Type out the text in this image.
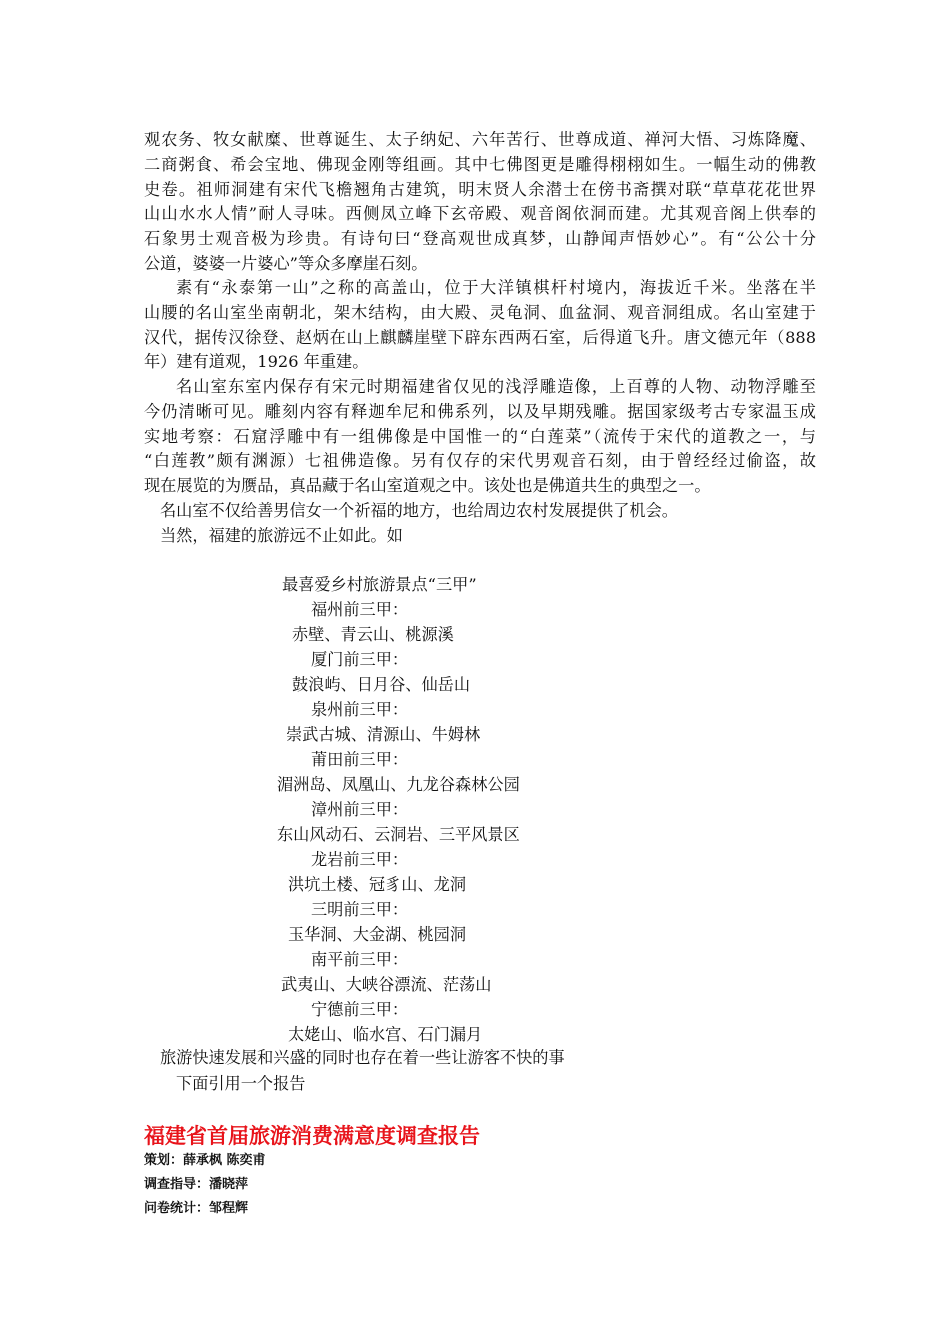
观农务、牧女献糜、世尊诞生、太子纳妃、六年苦行、世尊成道、禅河大悟、习炼降魔、
二商粥食、希会宝地、佛现金刚等组画。其中七佛图更是雕得栩栩如生。一幅生动的佛教
史卷。祖师洞建有宋代飞檐翘角古建筑，明末贤人余潜士在傍书斋撰对联“草草花花世界
山山水水人情”耐人寻味。西侧凤立峰下玄帝殿、观音阁依洞而建。尤其观音阁上供奉的
石象男士观音极为珍贵。有诗句曰“登高观世成真梦，山静闻声悟妙心”。有“公公十分
公道，婆婆一片婆心”等众多摩崖石刻。
素有“永泰第一山”之称的高盖山，位于大洋镇棋杆村境内，海拔近千米。坐落在半
山腰的名山室坐南朝北，架木结构，由大殿、灵龟洞、血盆洞、观音洞组成。名山室建于
汉代，据传汉徐登、赵炳在山上麒麟崖壁下辟东西两石室，后得道飞升。唐文德元年（888
年）建有道观，1926 年重建。
名山室东室内保存有宋元时期福建省仅见的浅浮雕造像，上百尊的人物、动物浮雕至
今仍清晰可见。雕刻内容有释迦牟尼和佛系列，以及早期残雕。据国家级考古专家温玉成
实地考察：石窟浮雕中有一组佛像是中国惟一的“白莲菜”（流传于宋代的道教之一，与
“白莲教”颇有渊源）七祖佛造像。另有仅存的宋代男观音石刻，由于曾经经过偷盗，故
现在展览的为赝品，真品藏于名山室道观之中。该处也是佛道共生的典型之一。
名山室不仅给善男信女一个祈福的地方，也给周边农村发展提供了机会。
当然，福建的旅游远不止如此。如
最喜爱乡村旅游景点“三甲”
福州前三甲：
赤壁、青云山、桃源溪
厦门前三甲：
鼓浪屿、日月谷、仙岳山
泉州前三甲：
崇武古城、清源山、牛姆林
莆田前三甲：
湄洲岛、凤凰山、九龙谷森林公园
漳州前三甲：
东山风动石、云洞岩、三平风景区
龙岩前三甲：
洪坑土楼、冠豸山、龙洞
三明前三甲：
玉华洞、大金湖、桃园洞
南平前三甲：
武夷山、大峡谷漂流、茫荡山
宁德前三甲：
太姥山、临水宫、石门漏月
旅游快速发展和兴盛的同时也存在着一些让游客不快的事
下面引用一个报告
福建省首届旅游消费满意度调查报告
策划：薛承枫 陈奕甫
调查指导：潘晓萍
问卷统计：邹程辉
